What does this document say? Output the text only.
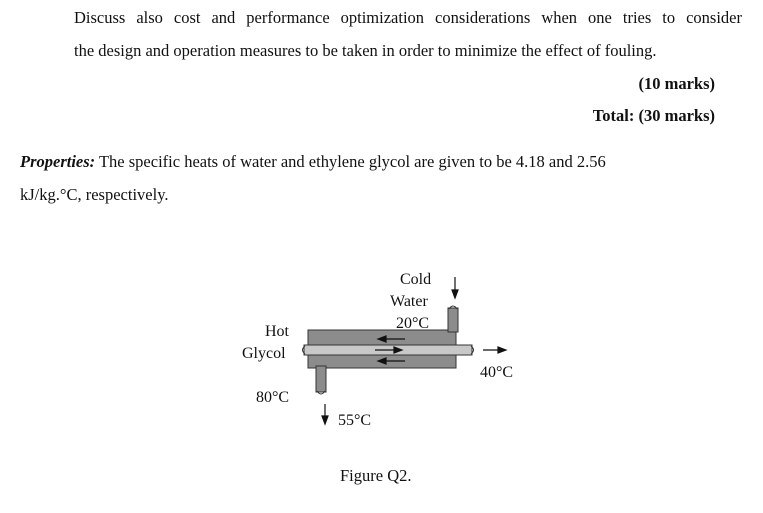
Discuss also cost and performance optimization considerations when one tries to consider
the design and operation measures to be taken in order to minimize the effect of fouling.
(10 marks)
Total: (30 marks)
Properties: The specific heats of water and ethylene glycol are given to be 4.18 and 2.56
kJ/kg.°C, respectively.
Cold
Water
20°C
Hot
Glycol
80°C
55°C
40°C
Figure Q2.
